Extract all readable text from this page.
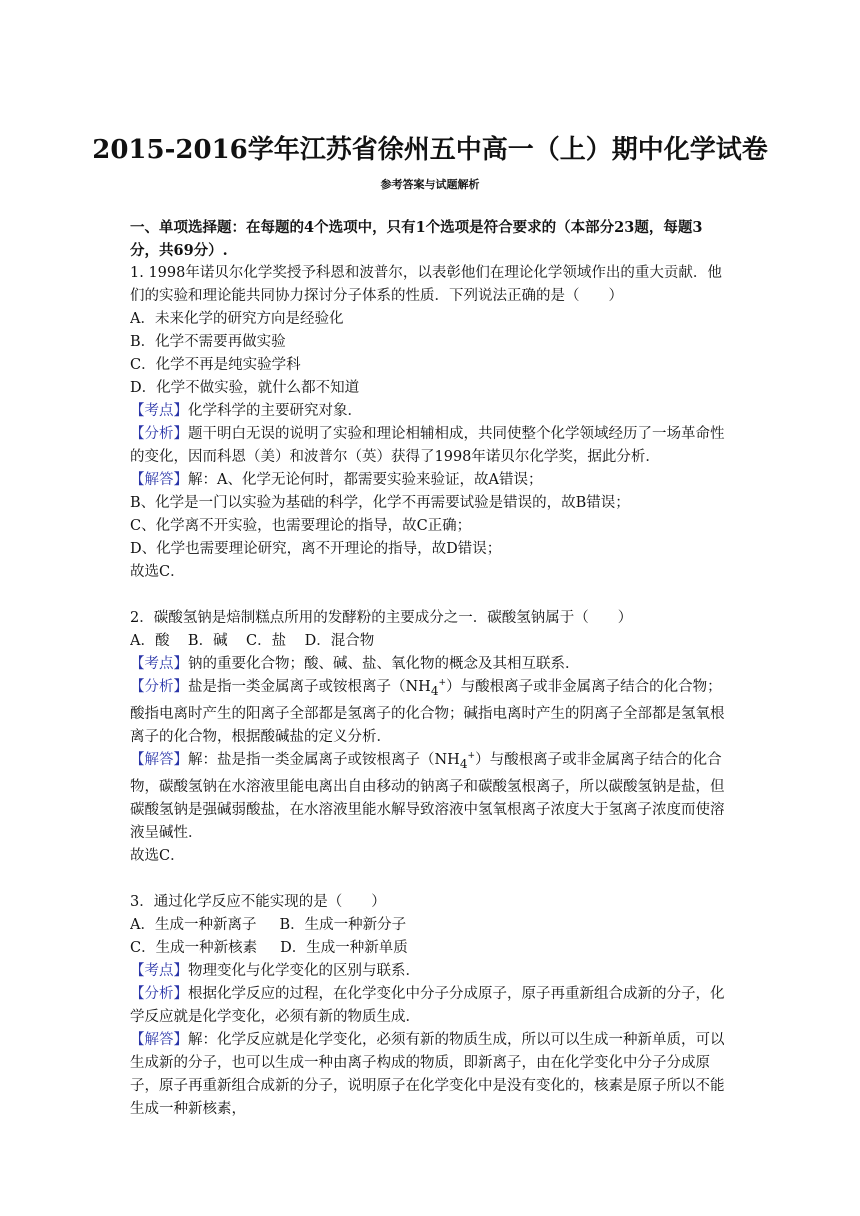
2015-2016学年江苏省徐州五中高一（上）期中化学试卷
参考答案与试题解析
一、单项选择题：在每题的4个选项中，只有1个选项是符合要求的（本部分23题，每题3分，共69分）.
1. 1998年诺贝尔化学奖授予科恩和波普尔，以表彰他们在理论化学领域作出的重大贡献．他们的实验和理论能共同协力探讨分子体系的性质．下列说法正确的是（　　）
A．未来化学的研究方向是经验化
B．化学不需要再做实验
C．化学不再是纯实验学科
D．化学不做实验，就什么都不知道
【考点】化学科学的主要研究对象．
【分析】题干明白无误的说明了实验和理论相辅相成，共同使整个化学领域经历了一场革命性的变化，因而科恩（美）和波普尔（英）获得了1998年诺贝尔化学奖，据此分析．
【解答】解：A、化学无论何时，都需要实验来验证，故A错误；
B、化学是一门以实验为基础的科学，化学不再需要试验是错误的，故B错误；
C、化学离不开实验，也需要理论的指导，故C正确；
D、化学也需要理论研究，离不开理论的指导，故D错误；
故选C．
2．碳酸氢钠是焙制糕点所用的发酵粉的主要成分之一．碳酸氢钠属于（　　）
A．酸 B．碱 C．盐 D．混合物
【考点】钠的重要化合物；酸、碱、盐、氧化物的概念及其相互联系．
【分析】盐是指一类金属离子或铵根离子$(NH_4^+)$与酸根离子或非金属离子结合的化合物；酸指电离时产生的阳离子全部都是氢离子的化合物；碱指电离时产生的阴离子全部都是氢氧根离子的化合物，根据酸碱盐的定义分析．
【解答】解：盐是指一类金属离子或铵根离子$(NH_4^+)$与酸根离子或非金属离子结合的化合物，碳酸氢钠在水溶液里能电离出自由移动的钠离子和碳酸氢根离子，所以碳酸氢钠是盐，但碳酸氢钠是强碱弱酸盐，在水溶液里能水解导致溶液中氢氧根离子浓度大于氢离子浓度而使溶液呈碱性．
故选C．
3．通过化学反应不能实现的是（　　）
A．生成一种新离子 B．生成一种新分子
C．生成一种新核素 D．生成一种新单质
【考点】物理变化与化学变化的区别与联系．
【分析】根据化学反应的过程，在化学变化中分子分成原子，原子再重新组合成新的分子，化学反应就是化学变化，必须有新的物质生成．
【解答】解：化学反应就是化学变化，必须有新的物质生成，所以可以生成一种新单质，可以生成新的分子，也可以生成一种由离子构成的物质，即新离子，由在化学变化中分子分成原子，原子再重新组合成新的分子，说明原子在化学变化中是没有变化的，核素是原子所以不能生成一种新核素，
